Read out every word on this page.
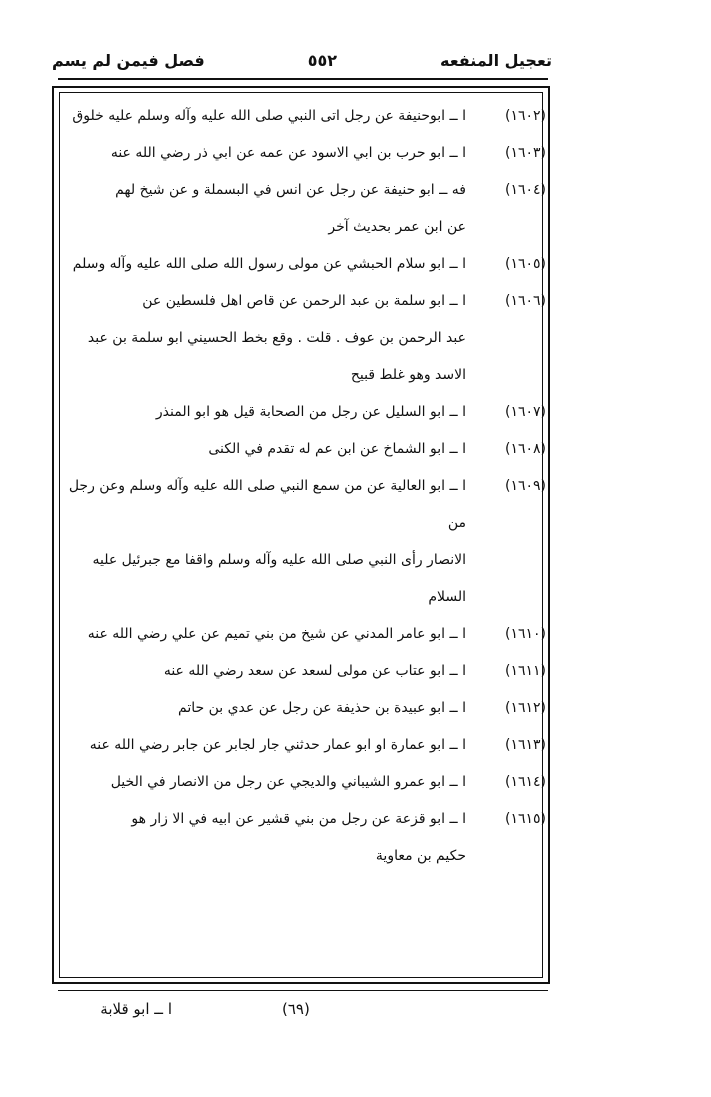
تعجيل المنفعه
٥٥٢
فصل فيمن لم يسم
(١٦٠٢)
ا ــ ابوحنيفة عن رجل اتى النبي صلى الله عليه وآله وسلم عليه خلوق
(١٦٠٣)
ا ــ ابو حرب بن ابي الاسود عن عمه عن ابي ذر رضي الله عنه
(١٦٠٤)
فه ــ ابو حنيفة عن رجل عن انس في البسملة و عن شيخ لهم
عن ابن عمر بحديث آخر
(١٦٠٥)
ا ــ ابو سلام الحبشي عن مولى رسول الله صلى الله عليه وآله وسلم
(١٦٠٦)
ا ــ ابو سلمة بن عبد الرحمن عن قاص اهل فلسطين عن
عبد الرحمن بن عوف . قلت . وقع بخط الحسيني ابو سلمة بن عبد
الاسد وهو غلط قبيح
(١٦٠٧)
ا ــ ابو السليل عن رجل من الصحابة قيل هو ابو المنذر
(١٦٠٨)
ا ــ ابو الشماخ عن ابن عم له تقدم في الكنى
(١٦٠٩)
ا ــ ابو العالية عن من سمع النبي صلى الله عليه وآله وسلم وعن رجل من
الانصار رأى النبي صلى الله عليه وآله وسلم واقفا مع جبرئيل عليه السلام
(١٦١٠)
ا ــ ابو عامر المدني عن شيخ من بني تميم عن علي رضي الله عنه
(١٦١١)
ا ــ ابو عتاب عن مولى لسعد عن سعد رضي الله عنه
(١٦١٢)
ا ــ ابو عبيدة بن حذيفة عن رجل عن عدي بن حاتم
(١٦١٣)
ا ــ ابو عمارة او ابو عمار حدثني جار لجابر عن جابر رضي الله عنه
(١٦١٤)
ا ــ ابو عمرو الشيباني والديجي عن رجل من الانصار في الخيل
(١٦١٥)
ا ــ ابو قزعة عن رجل من بني قشير عن ابيه في الا زار هو
حكيم بن معاوية
ا ــ ابو قلابة	(٦٩)
